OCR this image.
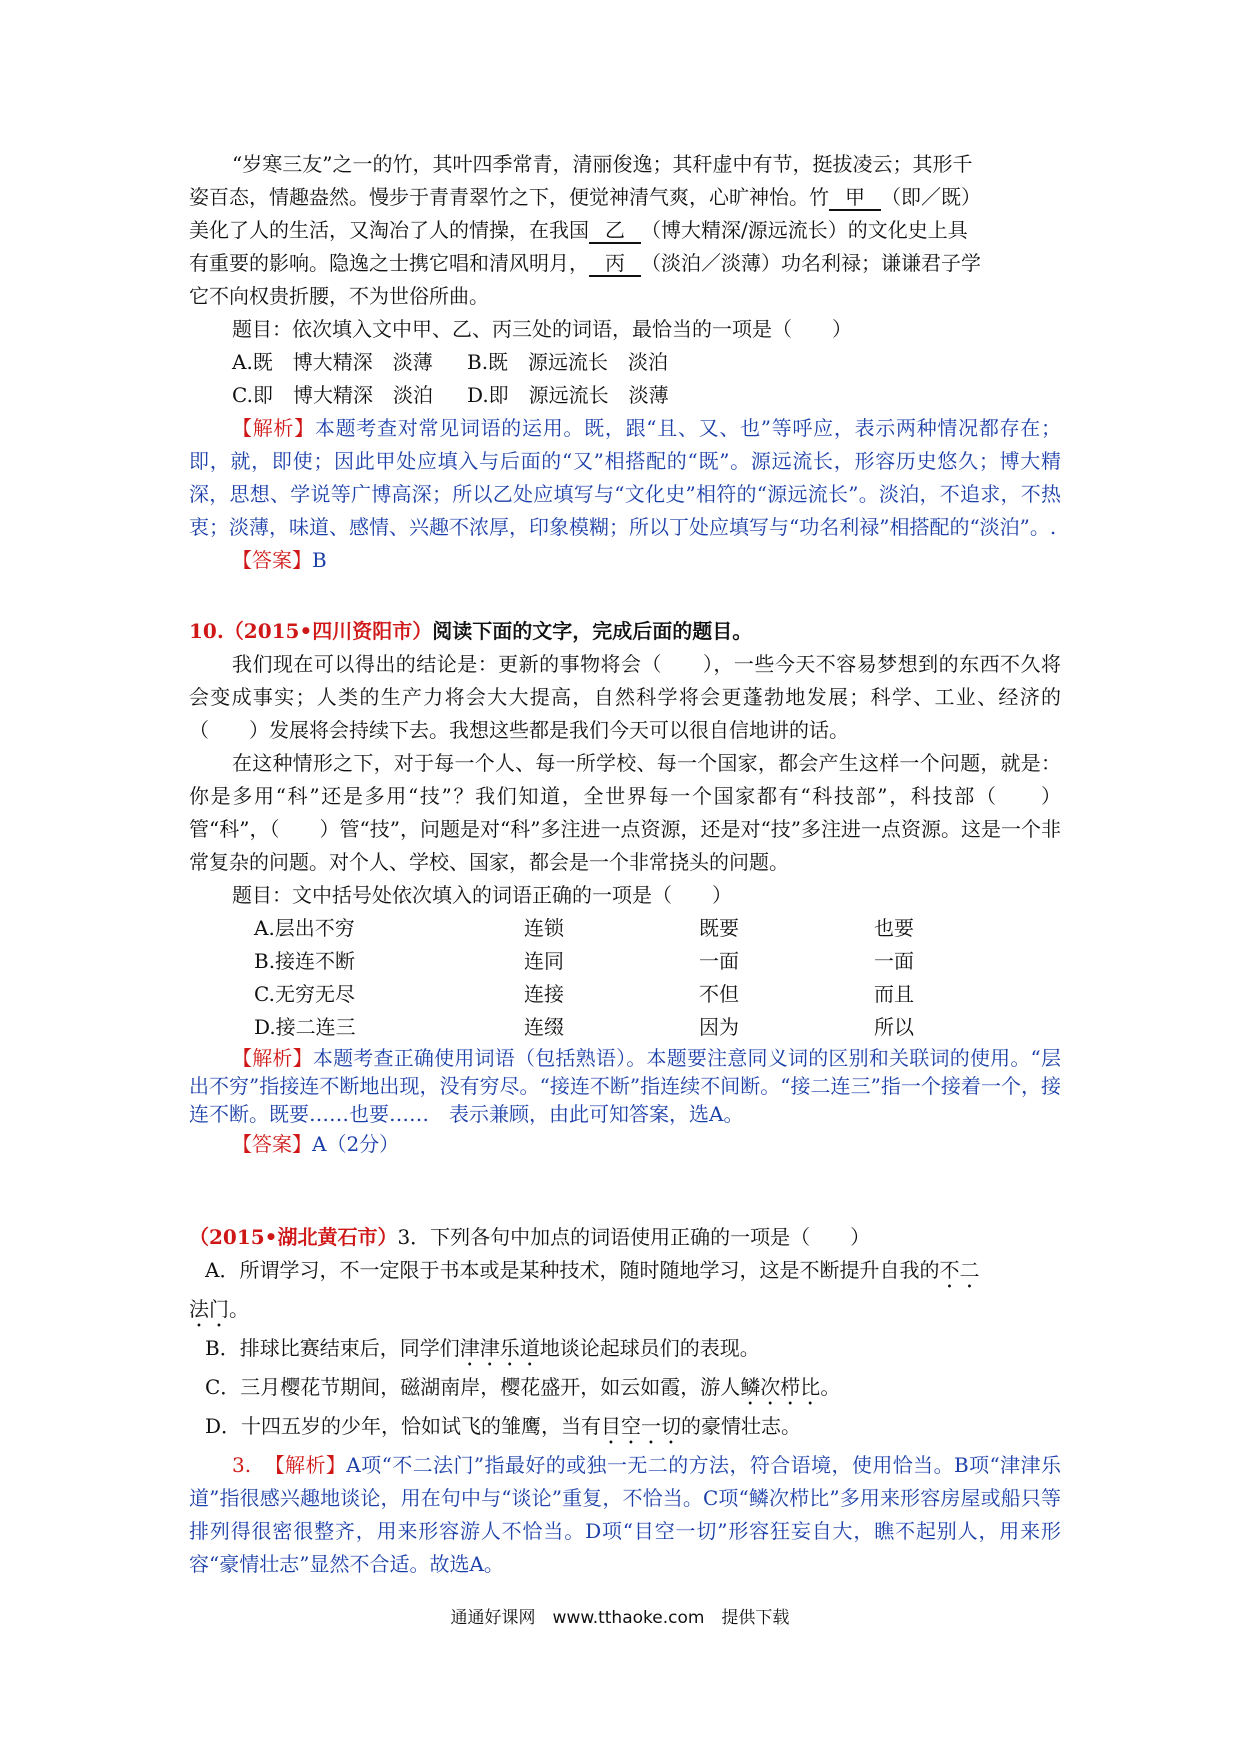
“岁寒三友”之一的竹，其叶四季常青，清丽俊逸；其秆虚中有节，挺拔凌云；其形千

姿百态，情趣盎然。慢步于青青翠竹之下，便觉神清气爽，心旷神怡。竹 甲 （即／既）

美化了人的生活，又淘冶了人的情操，在我国 乙 （博大精深/源远流长）的文化史上具

有重要的影响。隐逸之士携它唱和清风明月， 丙 （淡泊／淡薄）功名利禄；谦谦君子学

它不向权贵折腰，不为世俗所曲。

题目：依次填入文中甲、乙、丙三处的词语，最恰当的一项是（　　）

A.既　博大精深　淡薄	B.既　源远流长　淡泊
C.即　博大精深　淡泊	D.即　源远流长　淡薄

【解析】本题考查对常见词语的运用。既，跟“且、又、也”等呼应，表示两种情况都存在；即，就，即使；因此甲处应填入与后面的“又”相搭配的“既”。源远流长，形容历史悠久；博大精深，思想、学说等广博高深；所以乙处应填写与“文化史”相符的“源远流长”。淡泊，不追求，不热衷；淡薄，味道、感情、兴趣不浓厚，印象模糊；所以丁处应填写与“功名利禄”相搭配的“淡泊”。.

【答案】B

10.（2015•四川资阳市）阅读下面的文字，完成后面的题目。

我们现在可以得出的结论是：更新的事物将会（　　），一些今天不容易梦想到的东西不久将会变成事实；人类的生产力将会大大提高，自然科学将会更蓬勃地发展；科学、工业、经济的（　　）发展将会持续下去。我想这些都是我们今天可以很自信地讲的话。

在这种情形之下，对于每一个人、每一所学校、每一个国家，都会产生这样一个问题，就是：你是多用“科”还是多用“技”？我们知道，全世界每一个国家都有“科技部”，科技部（　　）管“科”，（　　）管“技”，问题是对“科”多注进一点资源，还是对“技”多注进一点资源。这是一个非常复杂的问题。对个人、学校、国家，都会是一个非常挠头的问题。

题目：文中括号处依次填入的词语正确的一项是（　　）

A.层出不穷	连锁	既要	也要
B.接连不断	连同	一面	一面
C.无穷无尽	连接	不但	而且
D.接二连三	连缀	因为	所以

【解析】本题考查正确使用词语（包括熟语）。本题要注意同义词的区别和关联词的使用。“层出不穷”指接连不断地出现，没有穷尽。“接连不断”指连续不间断。“接二连三”指一个接着一个，接连不断。既要……也要……　表示兼顾，由此可知答案，选A。

【答案】A（2分）

（2015•湖北黄石市）3．下列各句中加点的词语使用正确的一项是（　　）

A．所谓学习，不一定限于书本或是某种技术，随时随地学习，这是不断提升自我的不二

法门。

B．排球比赛结束后，同学们津津乐道地谈论起球员们的表现。

C．三月樱花节期间，磁湖南岸，樱花盛开，如云如霞，游人鳞次栉比。

D．十四五岁的少年，恰如试飞的雏鹰，当有目空一切的豪情壮志。

3. 【解析】A项“不二法门”指最好的或独一无二的方法，符合语境，使用恰当。B项“津津乐道”指很感兴趣地谈论，用在句中与“谈论”重复，不恰当。C项“鳞次栉比”多用来形容房屋或船只等排列得很密很整齐，用来形容游人不恰当。D项“目空一切”形容狂妄自大，瞧不起别人，用来形容“豪情壮志”显然不合适。故选A。

通通好课网　www.tthaoke.com　提供下载
